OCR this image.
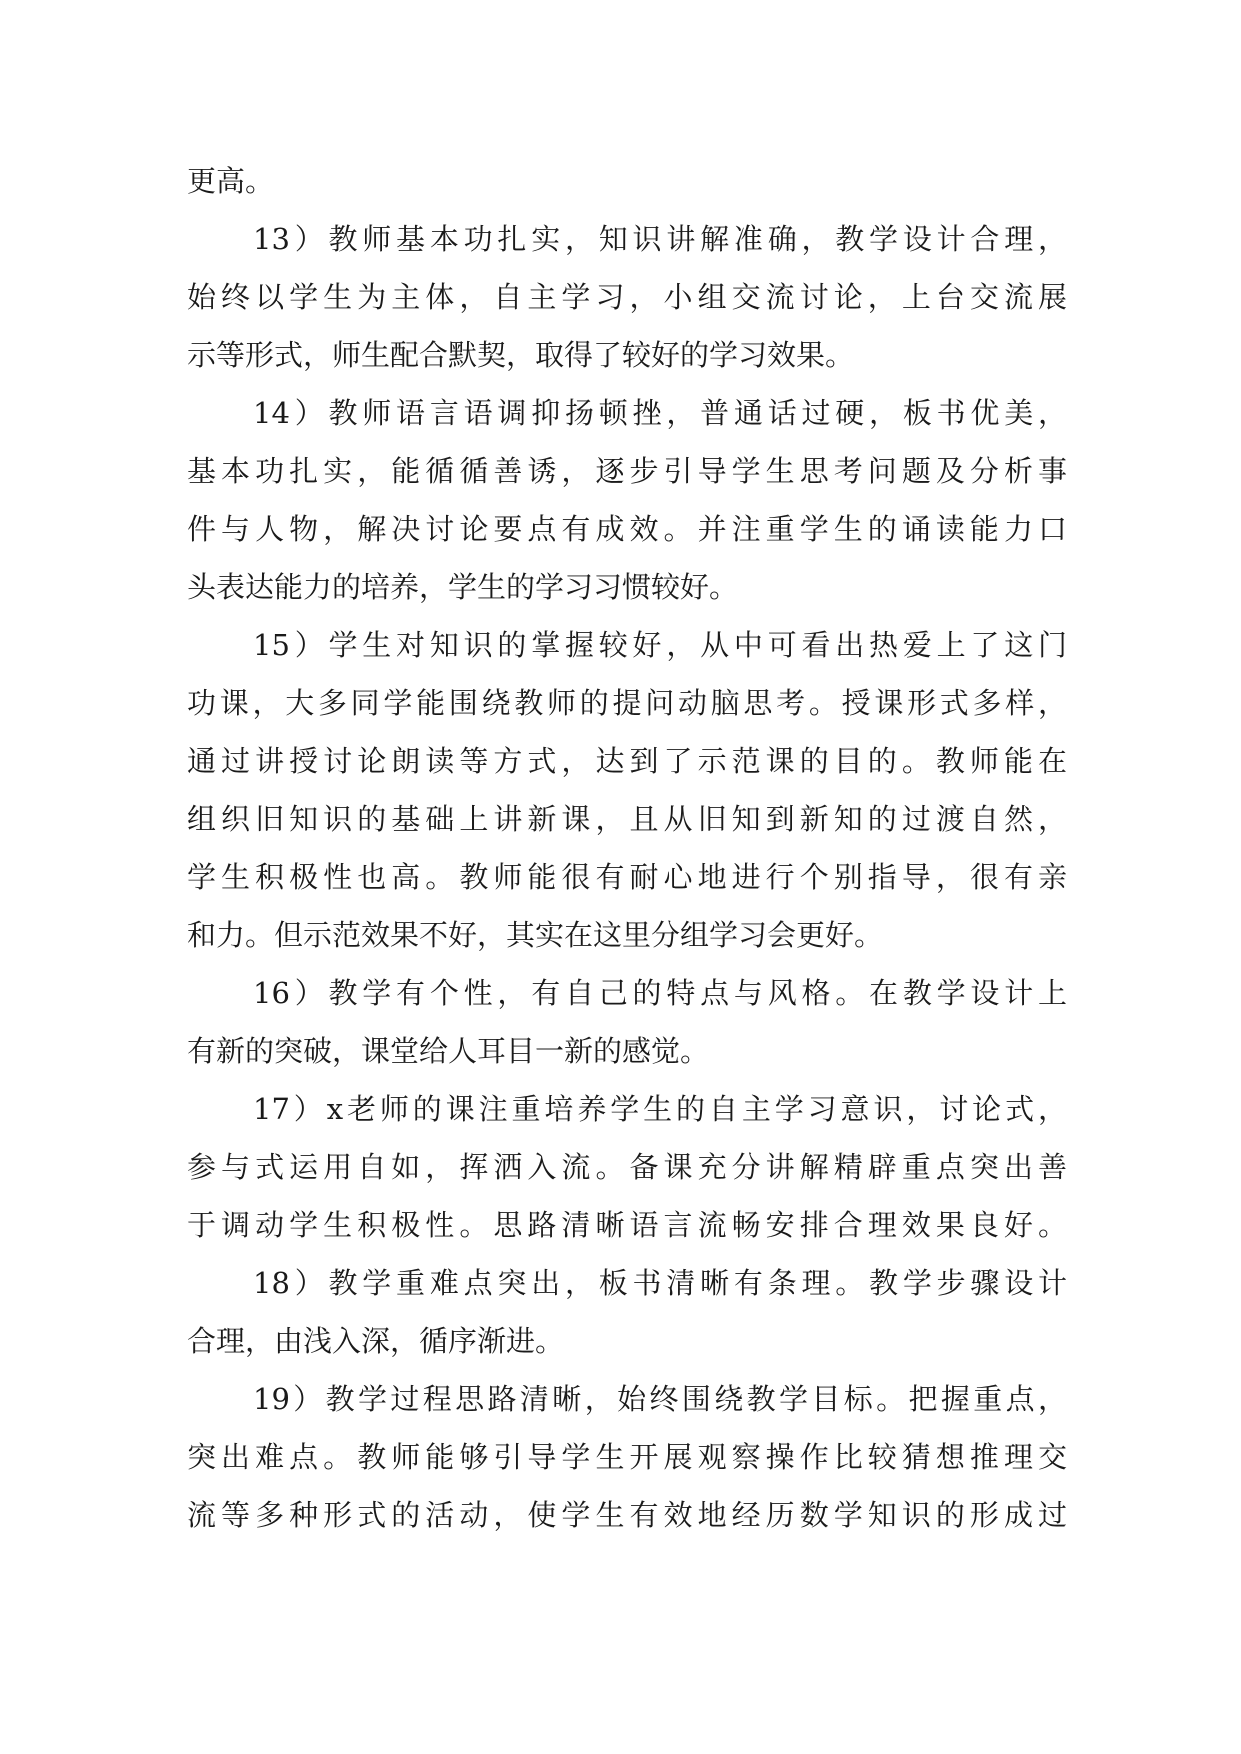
更高。
13）教师基本功扎实，知识讲解准确，教学设计合理，
始终以学生为主体，自主学习，小组交流讨论，上台交流展
示等形式，师生配合默契，取得了较好的学习效果。
14）教师语言语调抑扬顿挫，普通话过硬，板书优美，
基本功扎实，能循循善诱，逐步引导学生思考问题及分析事
件与人物，解决讨论要点有成效。并注重学生的诵读能力口
头表达能力的培养，学生的学习习惯较好。
15）学生对知识的掌握较好，从中可看出热爱上了这门
功课，大多同学能围绕教师的提问动脑思考。授课形式多样，
通过讲授讨论朗读等方式，达到了示范课的目的。教师能在
组织旧知识的基础上讲新课，且从旧知到新知的过渡自然，
学生积极性也高。教师能很有耐心地进行个别指导，很有亲
和力。但示范效果不好，其实在这里分组学习会更好。
16）教学有个性，有自己的特点与风格。在教学设计上
有新的突破，课堂给人耳目一新的感觉。
17）x老师的课注重培养学生的自主学习意识，讨论式，
参与式运用自如，挥洒入流。备课充分讲解精辟重点突出善
于调动学生积极性。思路清晰语言流畅安排合理效果良好。
18）教学重难点突出，板书清晰有条理。教学步骤设计
合理，由浅入深，循序渐进。
19）教学过程思路清晰，始终围绕教学目标。把握重点，
突出难点。教师能够引导学生开展观察操作比较猜想推理交
流等多种形式的活动，使学生有效地经历数学知识的形成过
